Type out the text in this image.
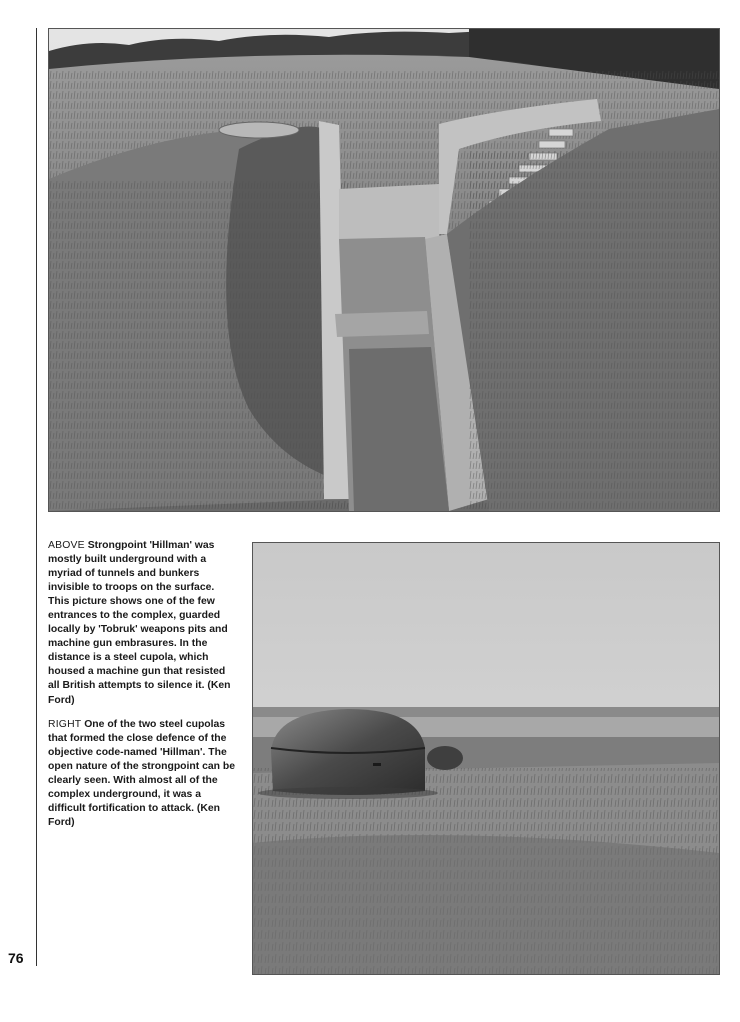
76

ABOVE Strongpoint 'Hillman' was mostly built underground with a myriad of tunnels and bunkers invisible to troops on the surface. This picture shows one of the few entrances to the complex, guarded locally by 'Tobruk' weapons pits and machine gun embrasures. In the distance is a steel cupola, which housed a machine gun that resisted all British attempts to silence it. (Ken Ford)

RIGHT One of the two steel cupolas that formed the close defence of the objective code-named 'Hillman'. The open nature of the strongpoint can be clearly seen. With almost all of the complex underground, it was a difficult fortification to attack. (Ken Ford)
